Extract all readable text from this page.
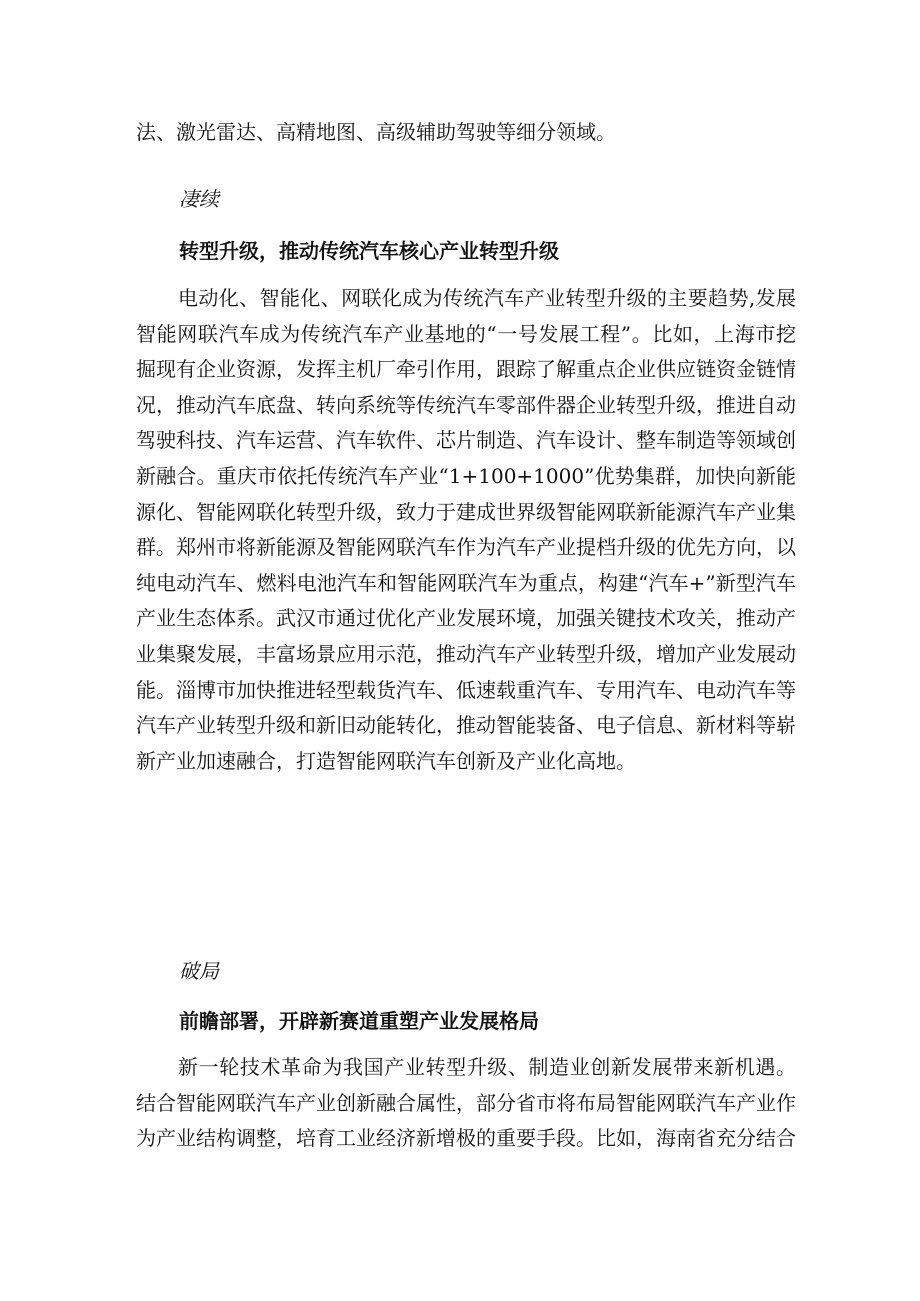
法、激光雷达、高精地图、高级辅助驾驶等细分领域。
凄续
转型升级，推动传统汽车核心产业转型升级
电动化、智能化、网联化成为传统汽车产业转型升级的主要趋势,发展智能网联汽车成为传统汽车产业基地的“一号发展工程”。比如，上海市挖掘现有企业资源，发挥主机厂牵引作用，跟踪了解重点企业供应链资金链情况，推动汽车底盘、转向系统等传统汽车零部件器企业转型升级，推进自动驾驶科技、汽车运营、汽车软件、芯片制造、汽车设计、整车制造等领域创新融合。重庆市依托传统汽车产业“1+100+1000”优势集群，加快向新能源化、智能网联化转型升级，致力于建成世界级智能网联新能源汽车产业集群。郑州市将新能源及智能网联汽车作为汽车产业提档升级的优先方向，以纯电动汽车、燃料电池汽车和智能网联汽车为重点，构建“汽车+”新型汽车产业生态体系。武汉市通过优化产业发展环境，加强关键技术攻关，推动产业集聚发展，丰富场景应用示范，推动汽车产业转型升级，增加产业发展动能。淄博市加快推进轻型载货汽车、低速载重汽车、专用汽车、电动汽车等汽车产业转型升级和新旧动能转化，推动智能装备、电子信息、新材料等崭新产业加速融合，打造智能网联汽车创新及产业化高地。
破局
前瞻部署，开辟新赛道重塑产业发展格局
新一轮技术革命为我国产业转型升级、制造业创新发展带来新机遇。结合智能网联汽车产业创新融合属性，部分省市将布局智能网联汽车产业作为产业结构调整，培育工业经济新增极的重要手段。比如，海南省充分结合
